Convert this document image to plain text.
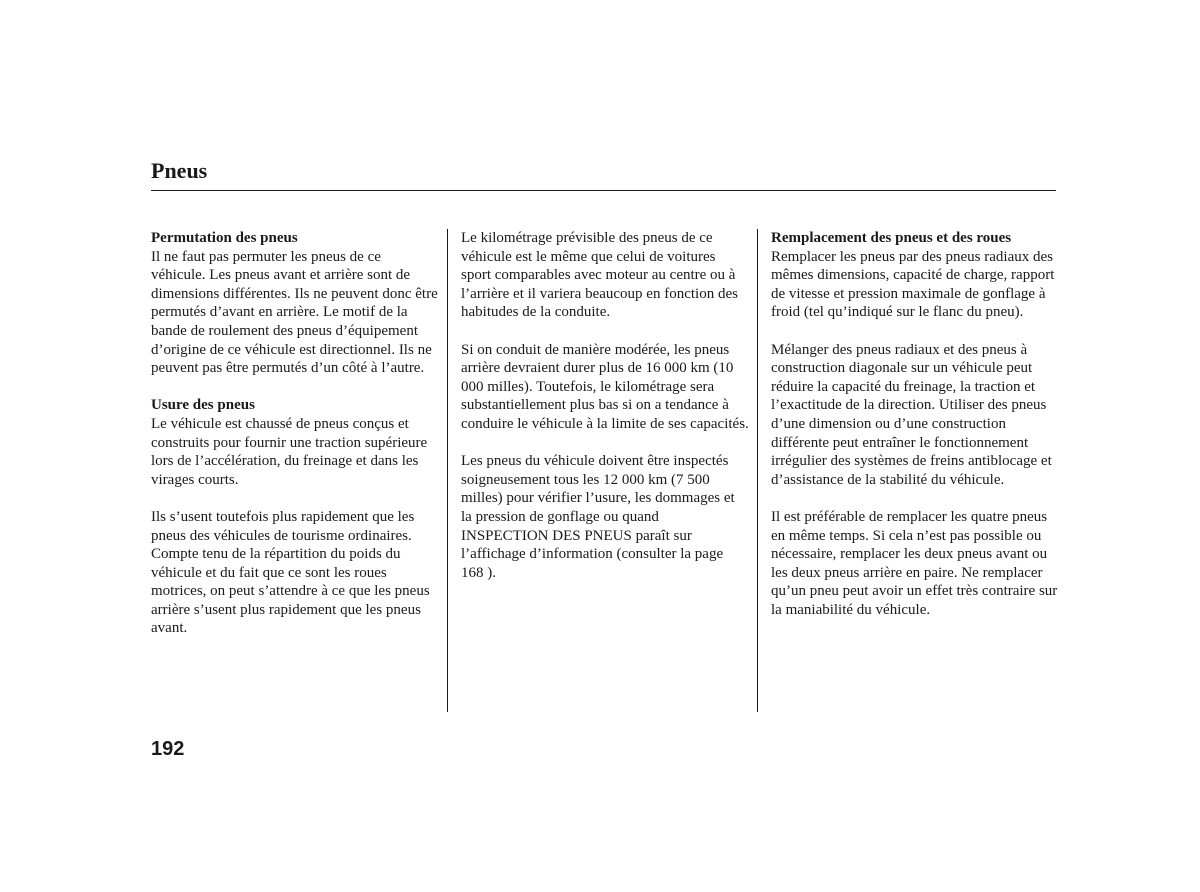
Pneus
Permutation des pneus
Il ne faut pas permuter les pneus de ce véhicule. Les pneus avant et arrière sont de dimensions différentes. Ils ne peuvent donc être permutés d’avant en arrière. Le motif de la bande de roulement des pneus d’équipement d’origine de ce véhicule est directionnel. Ils ne peuvent pas être permutés d’un côté à l’autre.
Usure des pneus
Le véhicule est chaussé de pneus conçus et construits pour fournir une traction supérieure lors de l’accélération, du freinage et dans les virages courts.
Ils s’usent toutefois plus rapidement que les pneus des véhicules de tourisme ordinaires. Compte tenu de la répartition du poids du véhicule et du fait que ce sont les roues motrices, on peut s’attendre à ce que les pneus arrière s’usent plus rapidement que les pneus avant.
Le kilométrage prévisible des pneus de ce véhicule est le même que celui de voitures sport comparables avec moteur au centre ou à l’arrière et il variera beaucoup en fonction des habitudes de la conduite.
Si on conduit de manière modérée, les pneus arrière devraient durer plus de 16 000 km (10 000 milles). Toutefois, le kilométrage sera substantiellement plus bas si on a tendance à conduire le véhicule à la limite de ses capacités.
Les pneus du véhicule doivent être inspectés soigneusement tous les 12 000 km (7 500 milles) pour vérifier l’usure, les dommages et la pression de gonflage ou quand INSPECTION DES PNEUS paraît sur l’affichage d’information (consulter la page 168 ).
Remplacement des pneus et des roues
Remplacer les pneus par des pneus radiaux des mêmes dimensions, capacité de charge, rapport de vitesse et pression maximale de gonflage à froid (tel qu’indiqué sur le flanc du pneu).
Mélanger des pneus radiaux et des pneus à construction diagonale sur un véhicule peut réduire la capacité du freinage, la traction et l’exactitude de la direction. Utiliser des pneus d’une dimension ou d’une construction différente peut entraîner le fonctionnement irrégulier des systèmes de freins antiblocage et d’assistance de la stabilité du véhicule.
Il est préférable de remplacer les quatre pneus en même temps. Si cela n’est pas possible ou nécessaire, remplacer les deux pneus avant ou les deux pneus arrière en paire. Ne remplacer qu’un pneu peut avoir un effet très contraire sur la maniabilité du véhicule.
192
